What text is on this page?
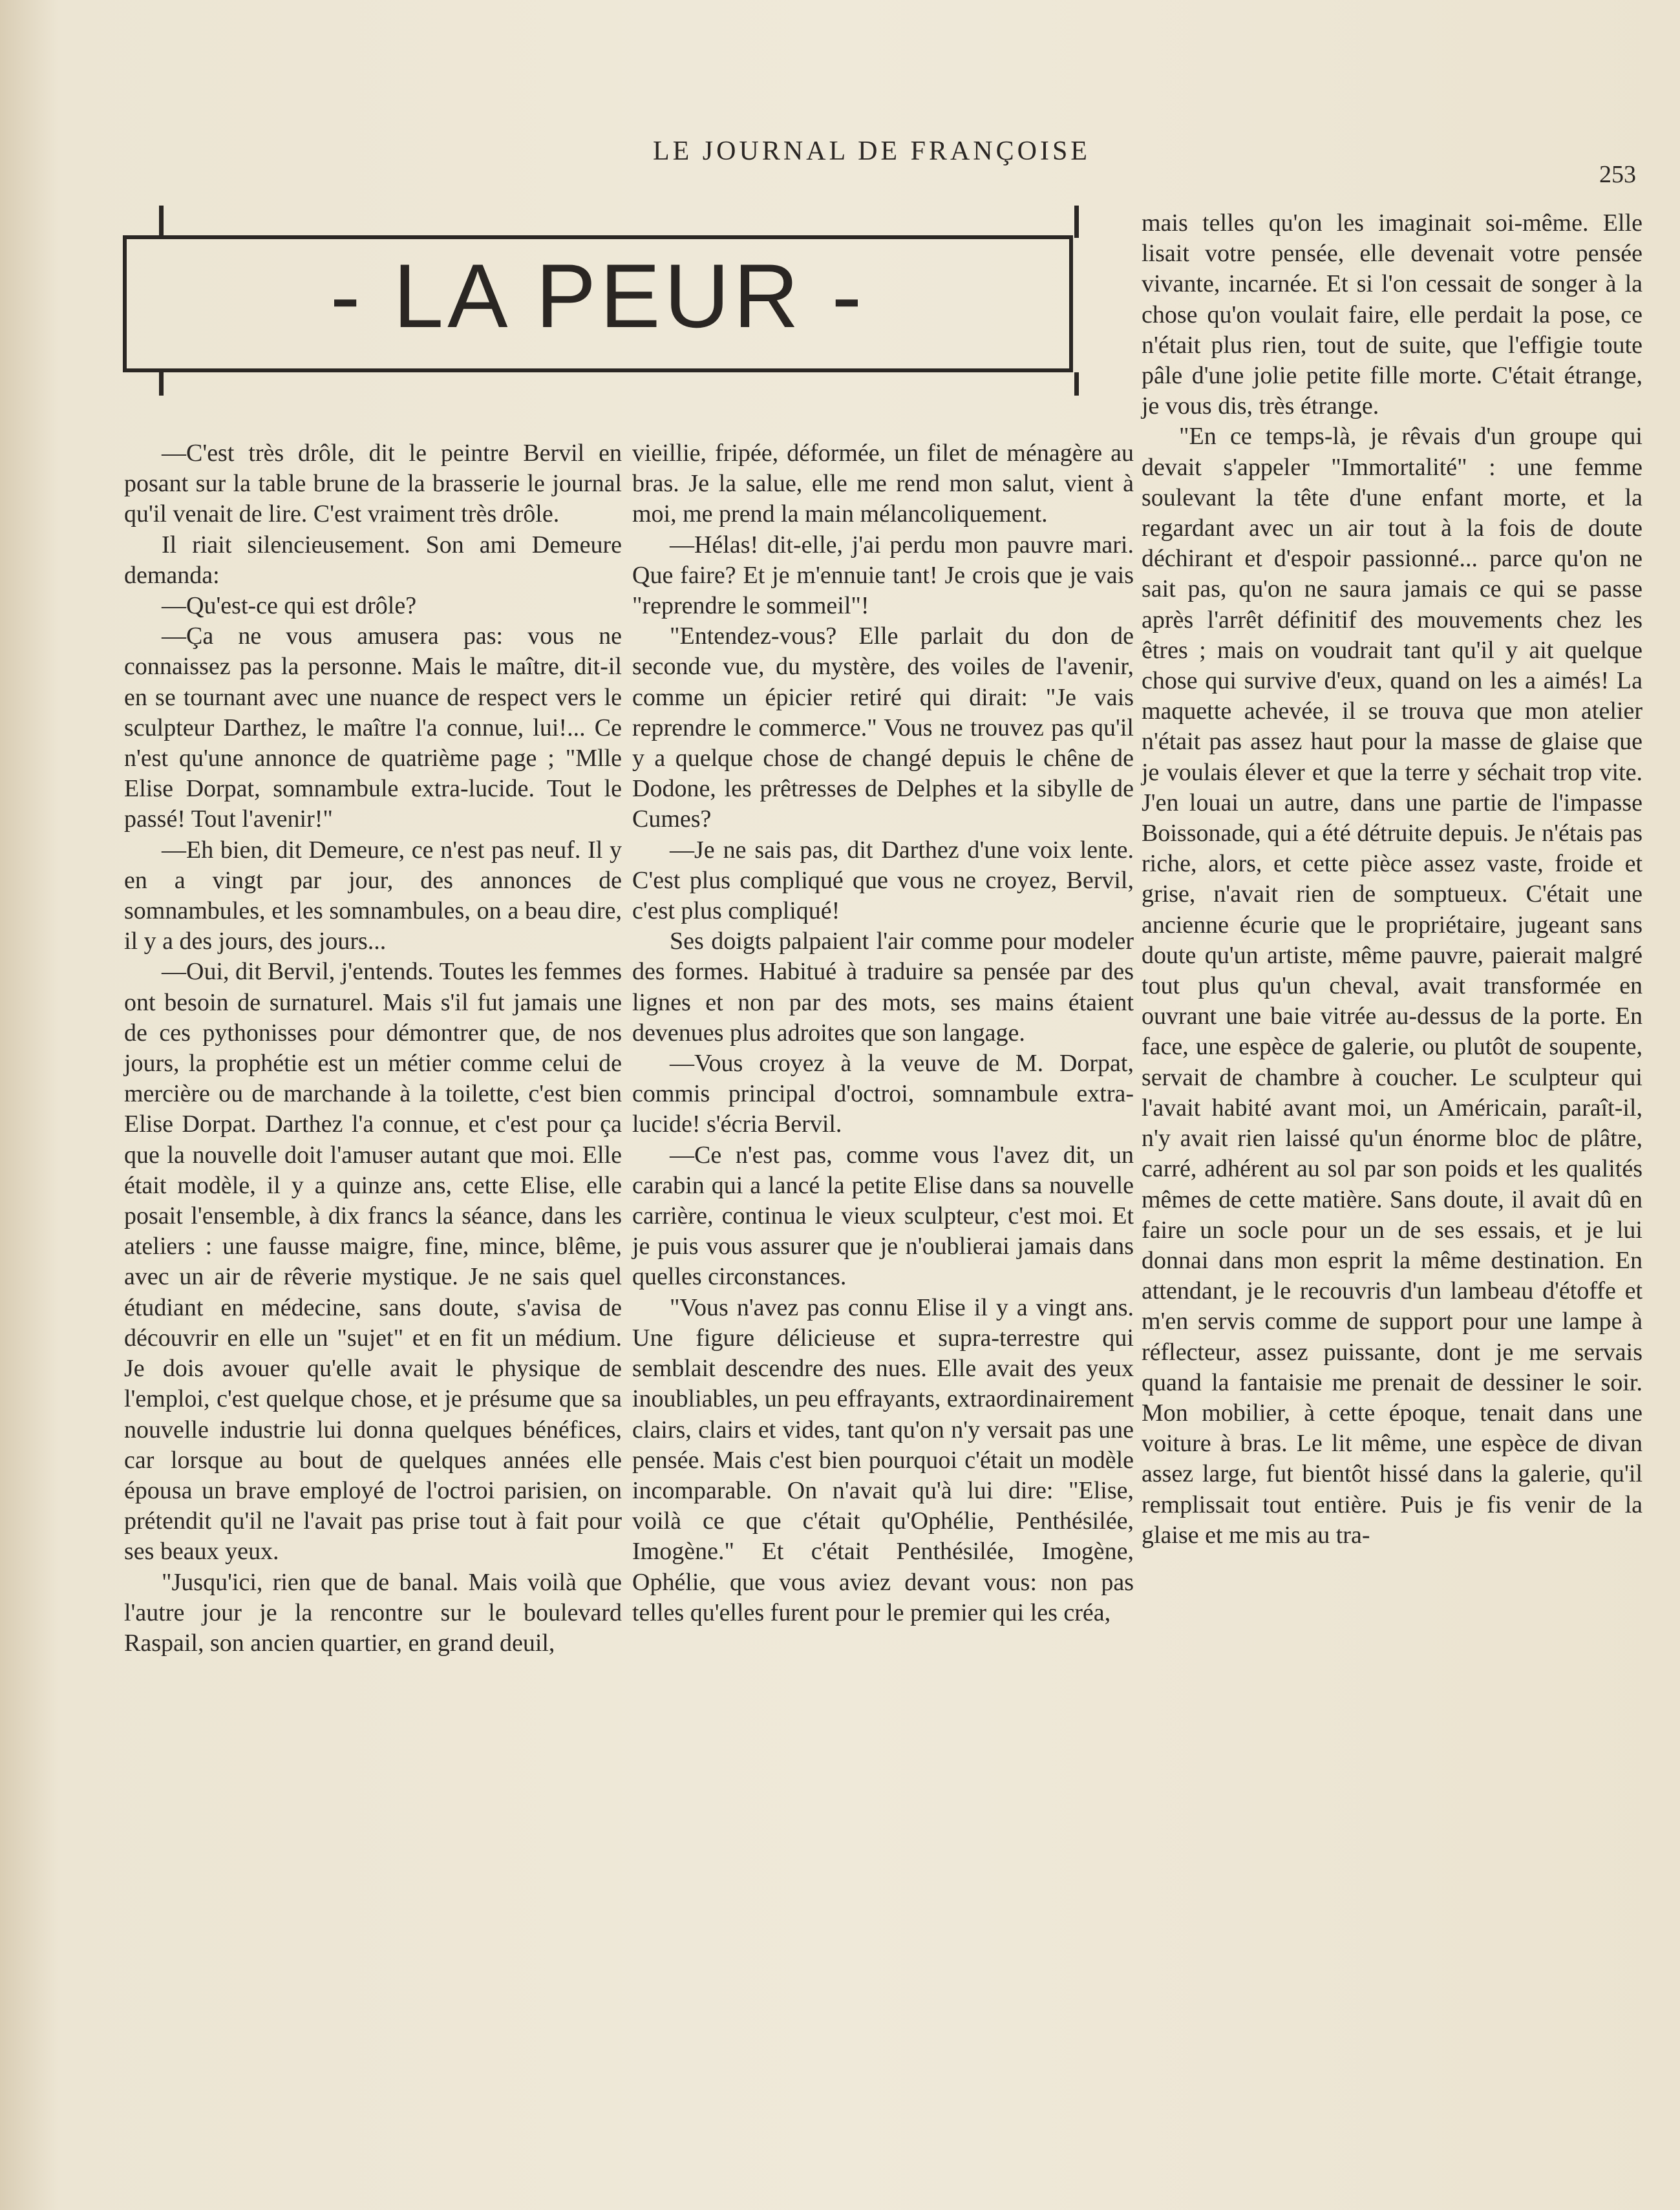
LE JOURNAL DE FRANÇOISE
253
- LA PEUR -

—C'est très drôle, dit le peintre Bervil en posant sur la table brune de la brasserie le journal qu'il venait de lire. C'est vraiment très drôle.

Il riait silencieusement. Son ami Demeure demanda:

—Qu'est-ce qui est drôle?

—Ça ne vous amusera pas: vous ne connaissez pas la personne. Mais le maître, dit-il en se tournant avec une nuance de respect vers le sculpteur Darthez, le maître l'a connue, lui!... Ce n'est qu'une annonce de quatrième page ; "Mlle Elise Dorpat, somnambule extra-lucide. Tout le passé! Tout l'avenir!"

—Eh bien, dit Demeure, ce n'est pas neuf. Il y en a vingt par jour, des annonces de somnambules, et les somnambules, on a beau dire, il y a des jours, des jours...

—Oui, dit Bervil, j'entends. Toutes les femmes ont besoin de surnaturel. Mais s'il fut jamais une de ces pythonisses pour démontrer que, de nos jours, la prophétie est un métier comme celui de mercière ou de marchande à la toilette, c'est bien Elise Dorpat. Darthez l'a connue, et c'est pour ça que la nouvelle doit l'amuser autant que moi. Elle était modèle, il y a quinze ans, cette Elise, elle posait l'ensemble, à dix francs la séance, dans les ateliers : une fausse maigre, fine, mince, blême, avec un air de rêverie mystique. Je ne sais quel étudiant en médecine, sans doute, s'avisa de découvrir en elle un "sujet" et en fit un médium. Je dois avouer qu'elle avait le physique de l'emploi, c'est quelque chose, et je présume que sa nouvelle industrie lui donna quelques bénéfices, car lorsque au bout de quelques années elle épousa un brave employé de l'octroi parisien, on prétendit qu'il ne l'avait pas prise tout à fait pour ses beaux yeux.

"Jusqu'ici, rien que de banal. Mais voilà que l'autre jour je la rencontre sur le boulevard Raspail, son ancien quartier, en grand deuil,

vieillie, fripée, déformée, un filet de ménagère au bras. Je la salue, elle me rend mon salut, vient à moi, me prend la main mélancoliquement.

—Hélas! dit-elle, j'ai perdu mon pauvre mari. Que faire? Et je m'ennuie tant! Je crois que je vais "reprendre le sommeil"!

"Entendez-vous? Elle parlait du don de seconde vue, du mystère, des voiles de l'avenir, comme un épicier retiré qui dirait: "Je vais reprendre le commerce." Vous ne trouvez pas qu'il y a quelque chose de changé depuis le chêne de Dodone, les prêtresses de Delphes et la sibylle de Cumes?

—Je ne sais pas, dit Darthez d'une voix lente. C'est plus compliqué que vous ne croyez, Bervil, c'est plus compliqué!

Ses doigts palpaient l'air comme pour modeler des formes. Habitué à traduire sa pensée par des lignes et non par des mots, ses mains étaient devenues plus adroites que son langage.

—Vous croyez à la veuve de M. Dorpat, commis principal d'octroi, somnambule extra-lucide! s'écria Bervil.

—Ce n'est pas, comme vous l'avez dit, un carabin qui a lancé la petite Elise dans sa nouvelle carrière, continua le vieux sculpteur, c'est moi. Et je puis vous assurer que je n'oublierai jamais dans quelles circonstances.

"Vous n'avez pas connu Elise il y a vingt ans. Une figure délicieuse et supra-terrestre qui semblait descendre des nues. Elle avait des yeux inoubliables, un peu effrayants, extraordinairement clairs, clairs et vides, tant qu'on n'y versait pas une pensée. Mais c'est bien pourquoi c'était un modèle incomparable. On n'avait qu'à lui dire: "Elise, voilà ce que c'était qu'Ophélie, Penthésilée, Imogène." Et c'était Penthésilée, Imogène, Ophélie, que vous aviez devant vous: non pas telles qu'elles furent pour le premier qui les créa,

mais telles qu'on les imaginait soi-même. Elle lisait votre pensée, elle devenait votre pensée vivante, incarnée. Et si l'on cessait de songer à la chose qu'on voulait faire, elle perdait la pose, ce n'était plus rien, tout de suite, que l'effigie toute pâle d'une jolie petite fille morte. C'était étrange, je vous dis, très étrange.

"En ce temps-là, je rêvais d'un groupe qui devait s'appeler "Immortalité" : une femme soulevant la tête d'une enfant morte, et la regardant avec un air tout à la fois de doute déchirant et d'espoir passionné... parce qu'on ne sait pas, qu'on ne saura jamais ce qui se passe après l'arrêt définitif des mouvements chez les êtres ; mais on voudrait tant qu'il y ait quelque chose qui survive d'eux, quand on les a aimés! La maquette achevée, il se trouva que mon atelier n'était pas assez haut pour la masse de glaise que je voulais élever et que la terre y séchait trop vite. J'en louai un autre, dans une partie de l'impasse Boissonade, qui a été détruite depuis. Je n'étais pas riche, alors, et cette pièce assez vaste, froide et grise, n'avait rien de somptueux. C'était une ancienne écurie que le propriétaire, jugeant sans doute qu'un artiste, même pauvre, paierait malgré tout plus qu'un cheval, avait transformée en ouvrant une baie vitrée au-dessus de la porte. En face, une espèce de galerie, ou plutôt de soupente, servait de chambre à coucher. Le sculpteur qui l'avait habité avant moi, un Américain, paraît-il, n'y avait rien laissé qu'un énorme bloc de plâtre, carré, adhérent au sol par son poids et les qualités mêmes de cette matière. Sans doute, il avait dû en faire un socle pour un de ses essais, et je lui donnai dans mon esprit la même destination. En attendant, je le recouvris d'un lambeau d'étoffe et m'en servis comme de support pour une lampe à réflecteur, assez puissante, dont je me servais quand la fantaisie me prenait de dessiner le soir. Mon mobilier, à cette époque, tenait dans une voiture à bras. Le lit même, une espèce de divan assez large, fut bientôt hissé dans la galerie, qu'il remplissait tout entière. Puis je fis venir de la glaise et me mis au tra-
